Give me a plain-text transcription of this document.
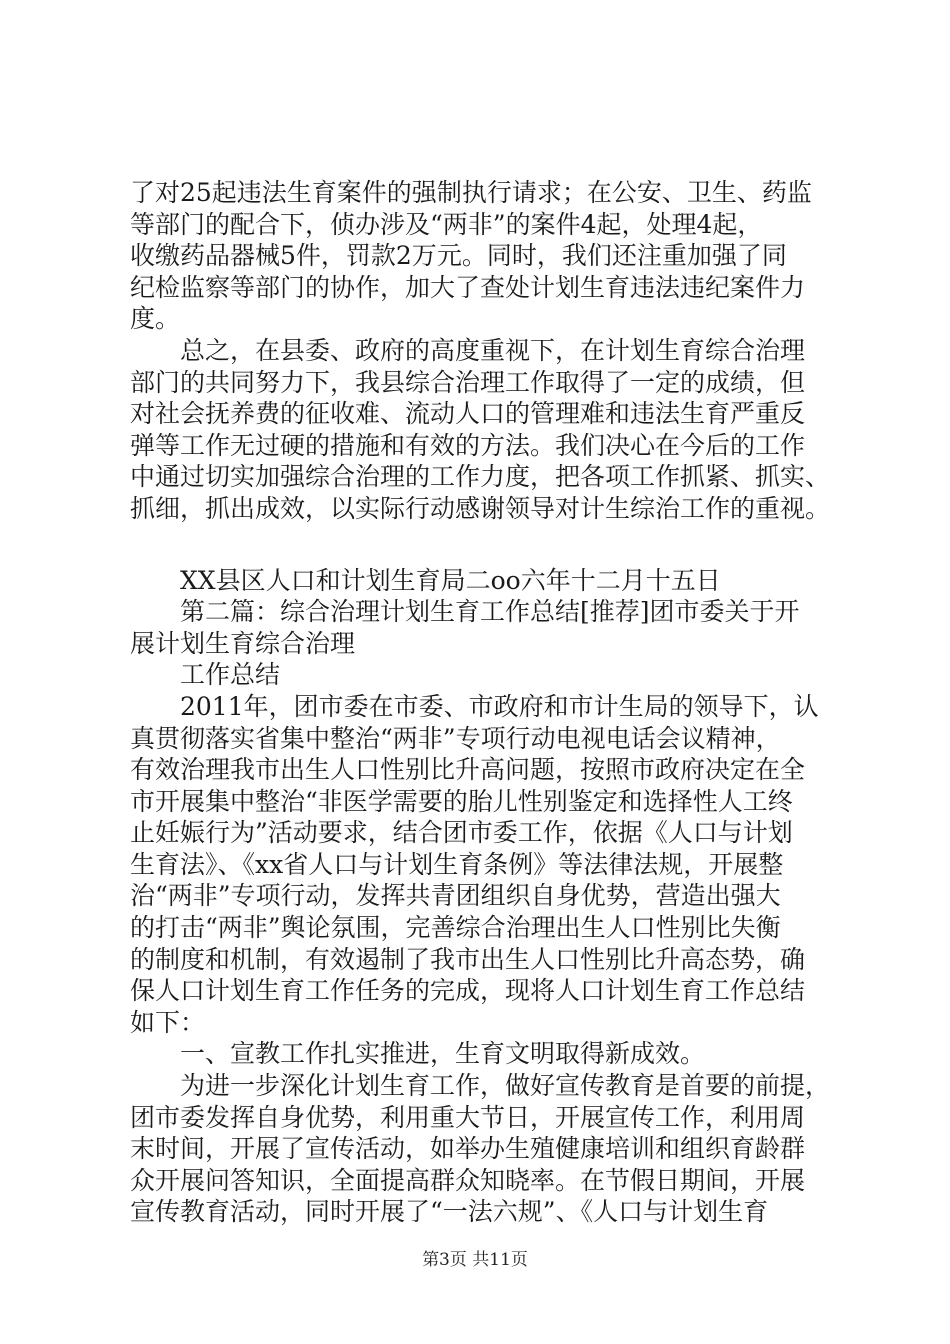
了对25起违法生育案件的强制执行请求；在公安、卫生、药监
等部门的配合下，侦办涉及“两非”的案件4起，处理4起，
收缴药品器械5件，罚款2万元。同时，我们还注重加强了同
纪检监察等部门的协作，加大了查处计划生育违法违纪案件力
度。
　　总之，在县委、政府的高度重视下，在计划生育综合治理
部门的共同努力下，我县综合治理工作取得了一定的成绩，但
对社会抚养费的征收难、流动人口的管理难和违法生育严重反
弹等工作无过硬的措施和有效的方法。我们决心在今后的工作
中通过切实加强综合治理的工作力度，把各项工作抓紧、抓实、
抓细，抓出成效，以实际行动感谢领导对计生综治工作的重视。
　　XX县区人口和计划生育局二oo六年十二月十五日
　　第二篇：综合治理计划生育工作总结[推荐]团市委关于开
展计划生育综合治理
　　工作总结
　　2011年，团市委在市委、市政府和市计生局的领导下，认
真贯彻落实省集中整治“两非”专项行动电视电话会议精神，
有效治理我市出生人口性别比升高问题，按照市政府决定在全
市开展集中整治“非医学需要的胎儿性别鉴定和选择性人工终
止妊娠行为”活动要求，结合团市委工作，依据《人口与计划
生育法》、《xx省人口与计划生育条例》等法律法规，开展整
治“两非”专项行动，发挥共青团组织自身优势，营造出强大
的打击“两非”舆论氛围，完善综合治理出生人口性别比失衡
的制度和机制，有效遏制了我市出生人口性别比升高态势，确
保人口计划生育工作任务的完成，现将人口计划生育工作总结
如下：
　　一、宣教工作扎实推进，生育文明取得新成效。
　　为进一步深化计划生育工作，做好宣传教育是首要的前提，
团市委发挥自身优势，利用重大节日，开展宣传工作，利用周
末时间，开展了宣传活动，如举办生殖健康培训和组织育龄群
众开展问答知识，全面提高群众知晓率。在节假日期间，开展
宣传教育活动，同时开展了“一法六规”、《人口与计划生育
第3页 共11页
